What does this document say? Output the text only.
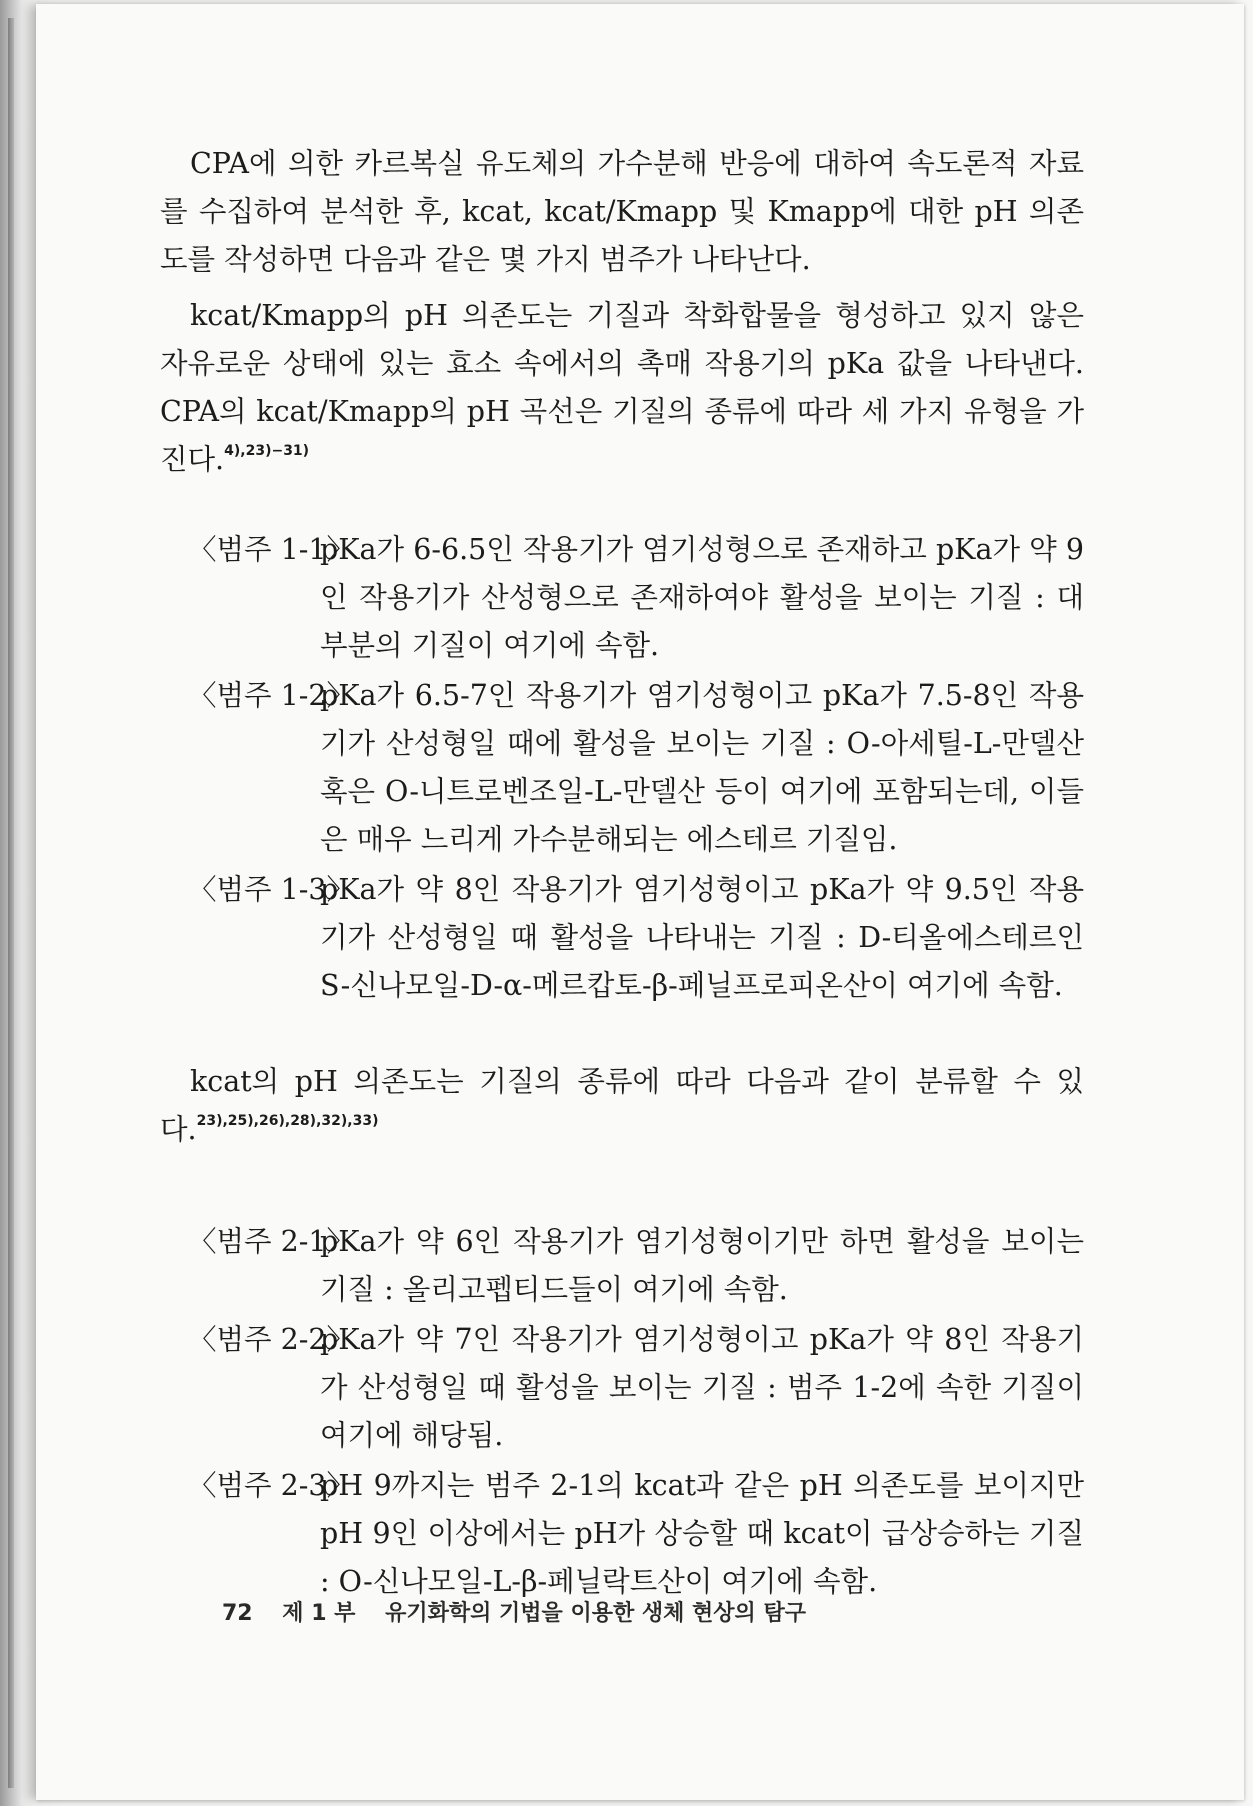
CPA에 의한 카르복실 유도체의 가수분해 반응에 대하여 속도론적 자료를 수집하여 분석한 후, kcat, kcat/Kmapp 및 Kmapp에 대한 pH 의존도를 작성하면 다음과 같은 몇 가지 범주가 나타난다.

kcat/Kmapp의 pH 의존도는 기질과 착화합물을 형성하고 있지 않은 자유로운 상태에 있는 효소 속에서의 촉매 작용기의 pKa 값을 나타낸다. CPA의 kcat/Kmapp의 pH 곡선은 기질의 종류에 따라 세 가지 유형을 가진다.$^{4),23)-31)}$

〈범주 1-1〉
pKa가 6-6.5인 작용기가 염기성형으로 존재하고 pKa가 약 9인 작용기가 산성형으로 존재하여야 활성을 보이는 기질 : 대부분의 기질이 여기에 속함.
〈범주 1-2〉
pKa가 6.5-7인 작용기가 염기성형이고 pKa가 7.5-8인 작용기가 산성형일 때에 활성을 보이는 기질 : O-아세틸-L-만델산 혹은 O-니트로벤조일-L-만델산 등이 여기에 포함되는데, 이들은 매우 느리게 가수분해되는 에스테르 기질임.
〈범주 1-3〉
pKa가 약 8인 작용기가 염기성형이고 pKa가 약 9.5인 작용기가 산성형일 때 활성을 나타내는 기질 : D-티올에스테르인 S-신나모일-D-α-메르캅토-β-페닐프로피온산이 여기에 속함.

kcat의 pH 의존도는 기질의 종류에 따라 다음과 같이 분류할 수 있다.$^{23),25),26),28),32),33)}$

〈범주 2-1〉
pKa가 약 6인 작용기가 염기성형이기만 하면 활성을 보이는 기질 : 올리고펩티드들이 여기에 속함.
〈범주 2-2〉
pKa가 약 7인 작용기가 염기성형이고 pKa가 약 8인 작용기가 산성형일 때 활성을 보이는 기질 : 범주 1-2에 속한 기질이 여기에 해당됨.
〈범주 2-3〉
pH 9까지는 범주 2-1의 kcat과 같은 pH 의존도를 보이지만 pH 9인 이상에서는 pH가 상승할 때 kcat이 급상승하는 기질 : O-신나모일-L-β-페닐락트산이 여기에 속함.
72 제 1 부 유기화학의 기법을 이용한 생체 현상의 탐구
